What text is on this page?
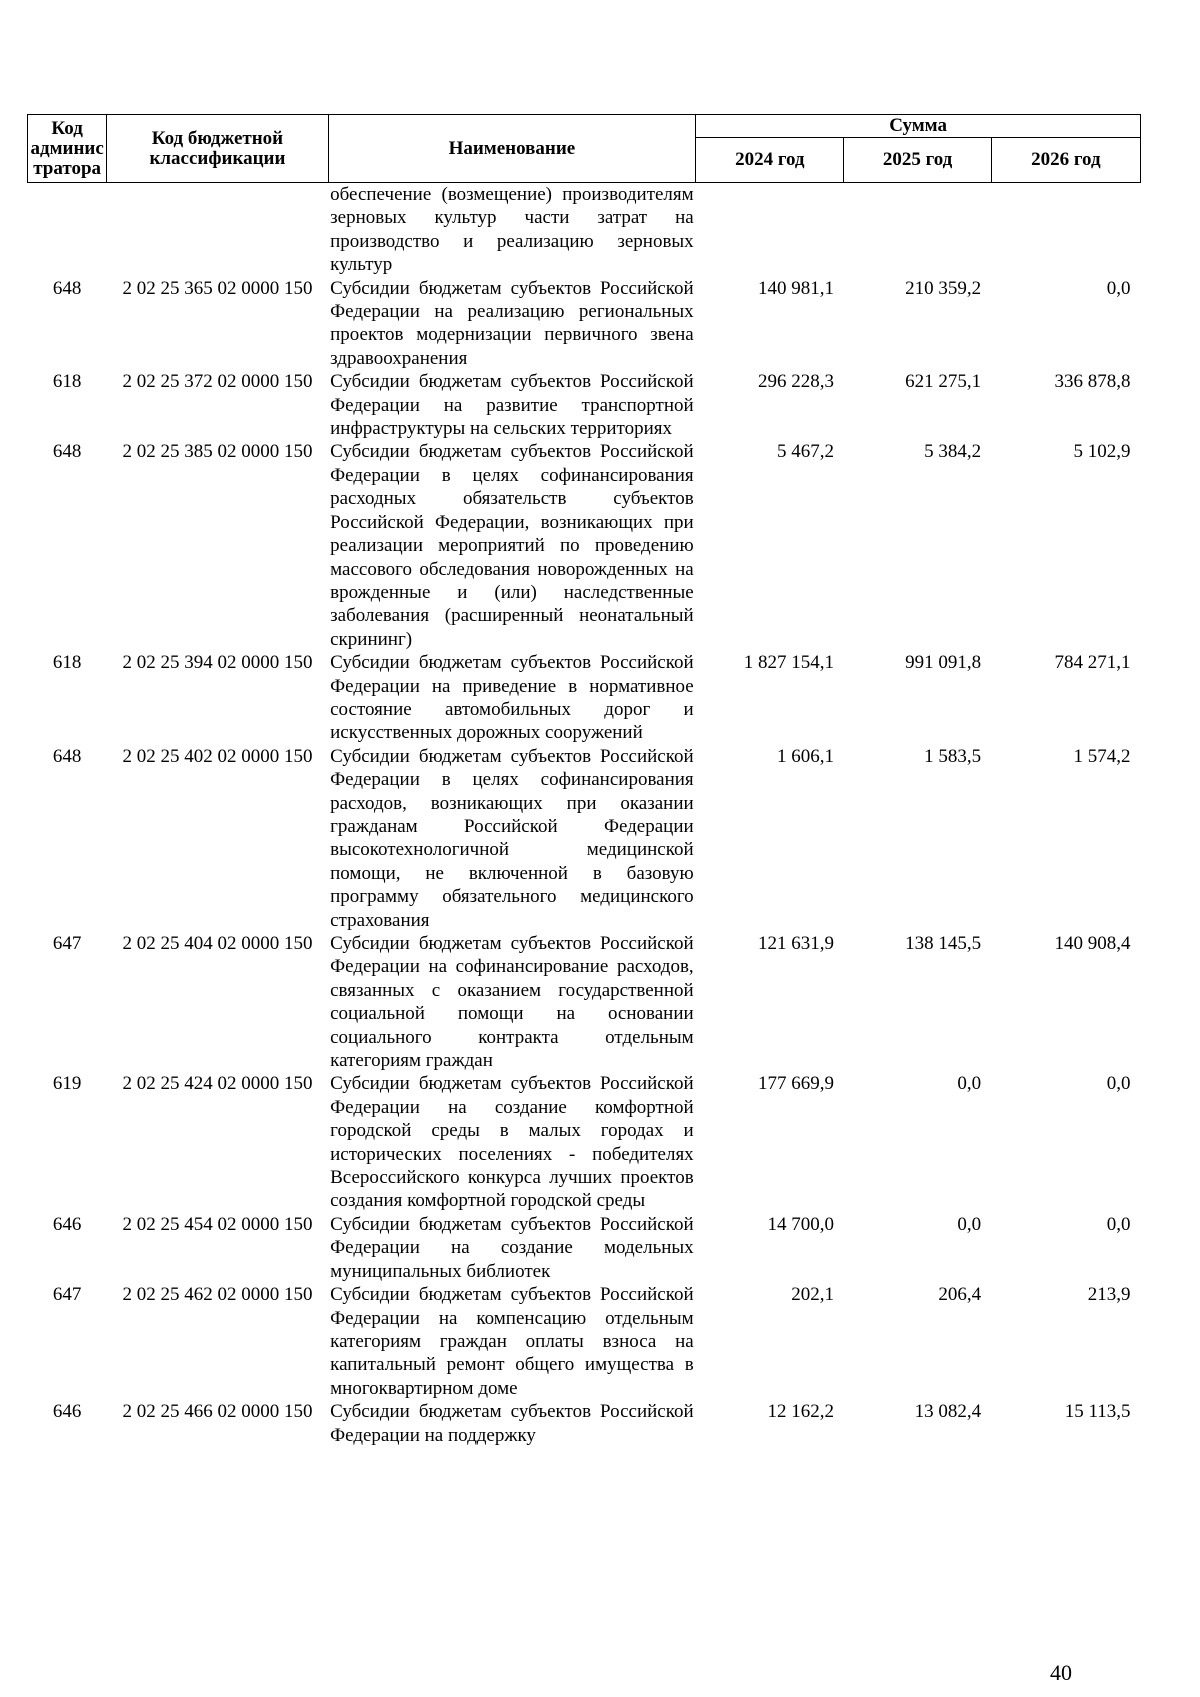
Код админис тратора	Код бюджетной классификации	Наименование	Сумма		
			2024 год	2025 год	2026 год
		обеспечение (возмещение) производителям зерновых культур части затрат на производство и реализацию зерновых культур			
648	2 02 25 365 02 0000 150	Субсидии бюджетам субъектов Российской Федерации на реализацию региональных проектов модернизации первичного звена здравоохранения	140 981,1	210 359,2	0,0
618	2 02 25 372 02 0000 150	Субсидии бюджетам субъектов Российской Федерации на развитие транспортной инфраструктуры на сельских территориях	296 228,3	621 275,1	336 878,8
648	2 02 25 385 02 0000 150	Субсидии бюджетам субъектов Российской Федерации в целях софинансирования расходных обязательств субъектов Российской Федерации, возникающих при реализации мероприятий по проведению массового обследования новорожденных на врожденные и (или) наследственные заболевания (расширенный неонатальный скрининг)	5 467,2	5 384,2	5 102,9
618	2 02 25 394 02 0000 150	Субсидии бюджетам субъектов Российской Федерации на приведение в нормативное состояние автомобильных дорог и искусственных дорожных сооружений	1 827 154,1	991 091,8	784 271,1
648	2 02 25 402 02 0000 150	Субсидии бюджетам субъектов Российской Федерации в целях софинансирования расходов, возникающих при оказании гражданам Российской Федерации высокотехнологичной медицинской помощи, не включенной в базовую программу обязательного медицинского страхования	1 606,1	1 583,5	1 574,2
647	2 02 25 404 02 0000 150	Субсидии бюджетам субъектов Российской Федерации на софинансирование расходов, связанных с оказанием государственной социальной помощи на основании социального контракта отдельным категориям граждан	121 631,9	138 145,5	140 908,4
619	2 02 25 424 02 0000 150	Субсидии бюджетам субъектов Российской Федерации на создание комфортной городской среды в малых городах и исторических поселениях - победителях Всероссийского конкурса лучших проектов создания комфортной городской среды	177 669,9	0,0	0,0
646	2 02 25 454 02 0000 150	Субсидии бюджетам субъектов Российской Федерации на создание модельных муниципальных библиотек	14 700,0	0,0	0,0
647	2 02 25 462 02 0000 150	Субсидии бюджетам субъектов Российской Федерации на компенсацию отдельным категориям граждан оплаты взноса на капитальный ремонт общего имущества в многоквартирном доме	202,1	206,4	213,9
646	2 02 25 466 02 0000 150	Субсидии бюджетам субъектов Российской Федерации на поддержку	12 162,2	13 082,4	15 113,5
40
